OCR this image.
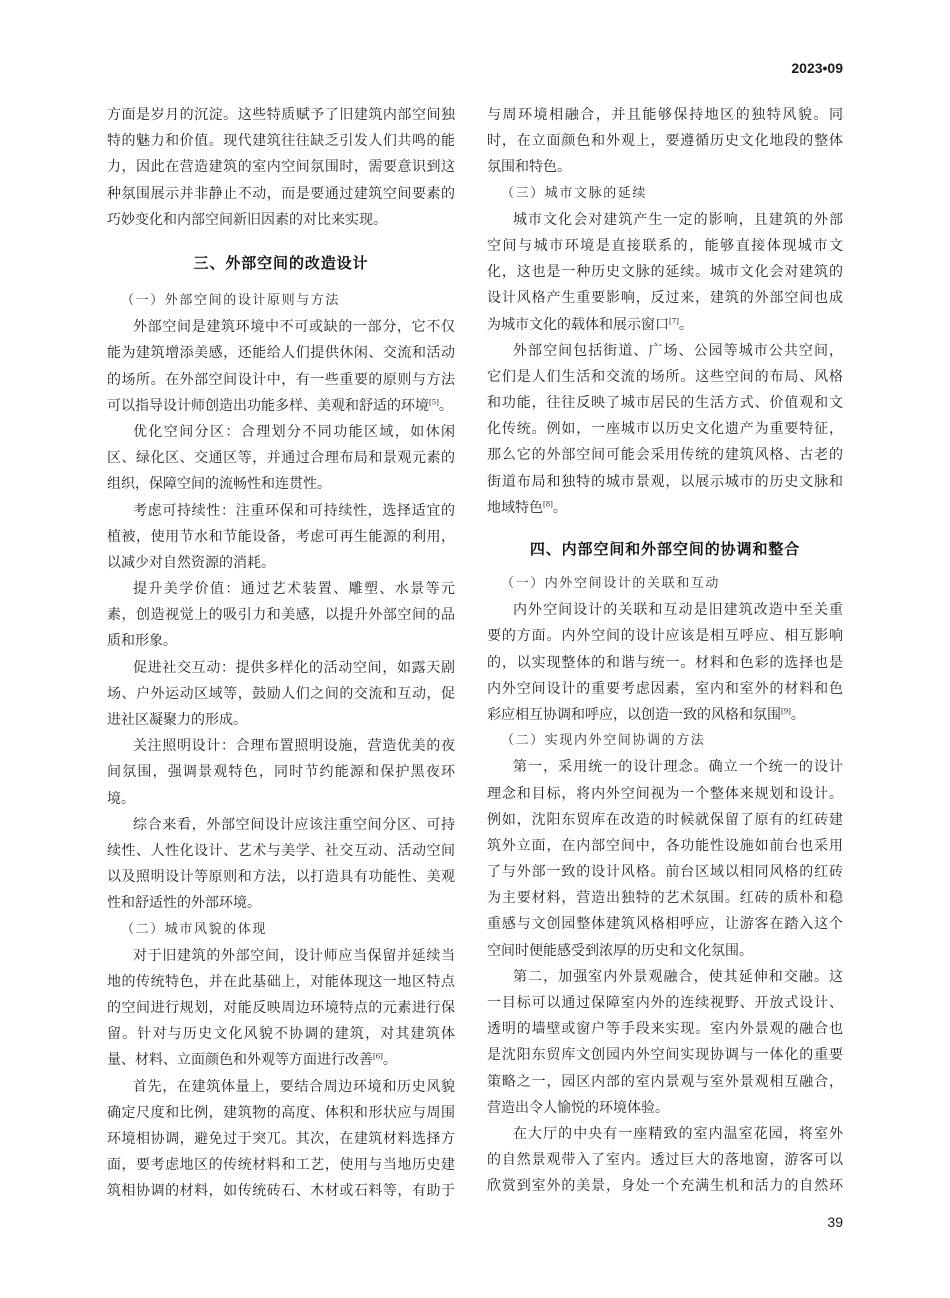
2023•09
方面是岁月的沉淀。这些特质赋予了旧建筑内部空间独
特的魅力和价值。现代建筑往往缺乏引发人们共鸣的能
力，因此在营造建筑的室内空间氛围时，需要意识到这
种氛围展示并非静止不动，而是要通过建筑空间要素的
巧妙变化和内部空间新旧因素的对比来实现。
三、外部空间的改造设计
（一）外部空间的设计原则与方法
外部空间是建筑环境中不可或缺的一部分，它不仅
能为建筑增添美感，还能给人们提供休闲、交流和活动
的场所。在外部空间设计中，有一些重要的原则与方法
可以指导设计师创造出功能多样、美观和舒适的环境[5]。
优化空间分区：合理划分不同功能区域，如休闲
区、绿化区、交通区等，并通过合理布局和景观元素的
组织，保障空间的流畅性和连贯性。
考虑可持续性：注重环保和可持续性，选择适宜的
植被，使用节水和节能设备，考虑可再生能源的利用，
以减少对自然资源的消耗。
提升美学价值：通过艺术装置、雕塑、水景等元
素，创造视觉上的吸引力和美感，以提升外部空间的品
质和形象。
促进社交互动：提供多样化的活动空间，如露天剧
场、户外运动区域等，鼓励人们之间的交流和互动，促
进社区凝聚力的形成。
关注照明设计：合理布置照明设施，营造优美的夜
间氛围，强调景观特色，同时节约能源和保护黑夜环
境。
综合来看，外部空间设计应该注重空间分区、可持
续性、人性化设计、艺术与美学、社交互动、活动空间
以及照明设计等原则和方法，以打造具有功能性、美观
性和舒适性的外部环境。
（二）城市风貌的体现
对于旧建筑的外部空间，设计师应当保留并延续当
地的传统特色，并在此基础上，对能体现这一地区特点
的空间进行规划，对能反映周边环境特点的元素进行保
留。针对与历史文化风貌不协调的建筑，对其建筑体
量、材料、立面颜色和外观等方面进行改善[6]。
首先，在建筑体量上，要结合周边环境和历史风貌
确定尺度和比例，建筑物的高度、体积和形状应与周围
环境相协调，避免过于突兀。其次，在建筑材料选择方
面，要考虑地区的传统材料和工艺，使用与当地历史建
筑相协调的材料，如传统砖石、木材或石料等，有助于
与周环境相融合，并且能够保持地区的独特风貌。同
时，在立面颜色和外观上，要遵循历史文化地段的整体
氛围和特色。
（三）城市文脉的延续
城市文化会对建筑产生一定的影响，且建筑的外部
空间与城市环境是直接联系的，能够直接体现城市文
化，这也是一种历史文脉的延续。城市文化会对建筑的
设计风格产生重要影响，反过来，建筑的外部空间也成
为城市文化的载体和展示窗口[7]。
外部空间包括街道、广场、公园等城市公共空间，
它们是人们生活和交流的场所。这些空间的布局、风格
和功能，往往反映了城市居民的生活方式、价值观和文
化传统。例如，一座城市以历史文化遗产为重要特征，
那么它的外部空间可能会采用传统的建筑风格、古老的
街道布局和独特的城市景观，以展示城市的历史文脉和
地域特色[8]。
四、内部空间和外部空间的协调和整合
（一）内外空间设计的关联和互动
内外空间设计的关联和互动是旧建筑改造中至关重
要的方面。内外空间的设计应该是相互呼应、相互影响
的，以实现整体的和谐与统一。材料和色彩的选择也是
内外空间设计的重要考虑因素，室内和室外的材料和色
彩应相互协调和呼应，以创造一致的风格和氛围[9]。
（二）实现内外空间协调的方法
第一，采用统一的设计理念。确立一个统一的设计
理念和目标，将内外空间视为一个整体来规划和设计。
例如，沈阳东贸库在改造的时候就保留了原有的红砖建
筑外立面，在内部空间中，各功能性设施如前台也采用
了与外部一致的设计风格。前台区域以相同风格的红砖
为主要材料，营造出独特的艺术氛围。红砖的质朴和稳
重感与文创园整体建筑风格相呼应，让游客在踏入这个
空间时便能感受到浓厚的历史和文化氛围。
第二，加强室内外景观融合，使其延伸和交融。这
一目标可以通过保障室内外的连续视野、开放式设计、
透明的墙壁或窗户等手段来实现。室内外景观的融合也
是沈阳东贸库文创园内外空间实现协调与一体化的重要
策略之一，园区内部的室内景观与室外景观相互融合，
营造出令人愉悦的环境体验。
在大厅的中央有一座精致的室内温室花园，将室外
的自然景观带入了室内。透过巨大的落地窗，游客可以
欣赏到室外的美景，身处一个充满生机和活力的自然环
39
